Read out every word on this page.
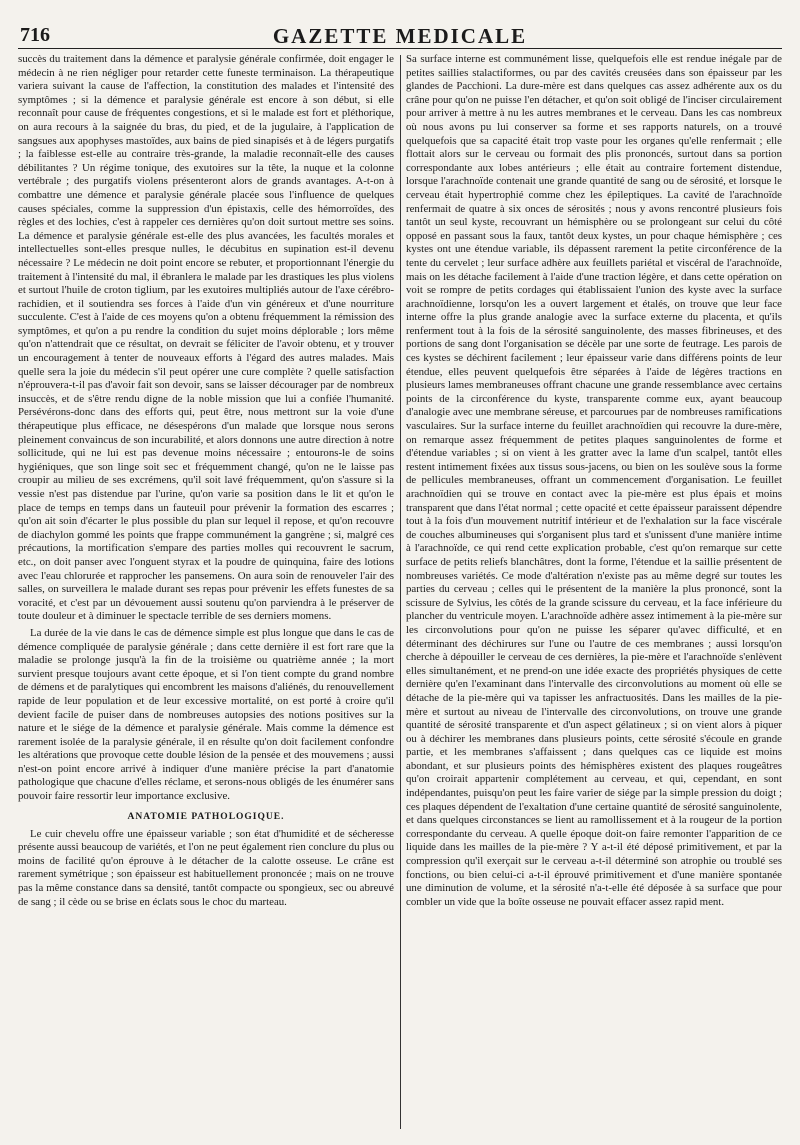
716	GAZETTE MEDICALE

succès du traitement dans la démence et paralysie générale confirmée, doit engager le médecin à ne rien négliger pour retarder cette funeste terminaison. La thérapeutique variera suivant la cause de l'affection, la constitution des malades et l'intensité des symptômes ; si la démence et paralysie générale est encore à son début, si elle reconnaît pour cause de fréquentes congestions, et si le malade est fort et pléthorique, on aura recours à la saignée du bras, du pied, et de la jugulaire, à l'application de sangsues aux apophyses mastoïdes, aux bains de pied sinapisés et à de légers purgatifs ; la faiblesse est-elle au contraire très-grande, la maladie reconnaît-elle des causes débilitantes ? Un régime tonique, des exutoires sur la tête, la nuque et la colonne vertébrale ; des purgatifs violens présenteront alors de grands avantages. A-t-on à combattre une démence et paralysie générale placée sous l'influence de quelques causes spéciales, comme la suppression d'un épistaxis, celle des hémorroïdes, des règles et des lochies, c'est à rappeler ces dernières qu'on doit surtout mettre ses soins. La démence et paralysie générale est-elle des plus avancées, les facultés morales et intellectuelles sont-elles presque nulles, le décubitus en supination est-il devenu nécessaire ? Le médecin ne doit point encore se rebuter, et proportionnant l'énergie du traitement à l'intensité du mal, il ébranlera le malade par les drastiques les plus violens et surtout l'huile de croton tiglium, par les exutoires multipliés autour de l'axe cérébro-rachidien, et il soutiendra ses forces à l'aide d'un vin généreux et d'une nourriture succulente. C'est à l'aide de ces moyens qu'on a obtenu fréquemment la rémission des symptômes, et qu'on a pu rendre la condition du sujet moins déplorable ; lors même qu'on n'attendrait que ce résultat, on devrait se féliciter de l'avoir obtenu, et y trouver un encouragement à tenter de nouveaux efforts à l'égard des autres malades. Mais quelle sera la joie du médecin s'il peut opérer une cure complète ? quelle satisfaction n'éprouvera-t-il pas d'avoir fait son devoir, sans se laisser décourager par de nombreux insuccès, et de s'être rendu digne de la noble mission que lui a confiée l'humanité. Persévérons-donc dans des efforts qui, peut être, nous mettront sur la voie d'une thérapeutique plus efficace, ne désespérons d'un malade que lorsque nous serons pleinement convaincus de son incurabilité, et alors donnons une autre direction à notre sollicitude, qui ne lui est pas devenue moins nécessaire ; entourons-le de soins hygiéniques, que son linge soit sec et fréquemment changé, qu'on ne le laisse pas croupir au milieu de ses excrémens, qu'il soit lavé fréquemment, qu'on s'assure si la vessie n'est pas distendue par l'urine, qu'on varie sa position dans le lit et qu'on le place de temps en temps dans un fauteuil pour prévenir la formation des escarres ; qu'on ait soin d'écarter le plus possible du plan sur lequel il repose, et qu'on recouvre de diachylon gommé les points que frappe communément la gangrène ; si, malgré ces précautions, la mortification s'empare des parties molles qui recouvrent le sacrum, etc., on doit panser avec l'onguent styrax et la poudre de quinquina, faire des lotions avec l'eau chlorurée et rapprocher les pansemens. On aura soin de renouveler l'air des salles, on surveillera le malade durant ses repas pour prévenir les effets funestes de sa voracité, et c'est par un dévouement aussi soutenu qu'on parviendra à le préserver de toute douleur et à diminuer le spectacle terrible de ses derniers momens.

La durée de la vie dans le cas de démence simple est plus longue que dans le cas de démence compliquée de paralysie générale ; dans cette dernière il est fort rare que la maladie se prolonge jusqu'à la fin de la troisième ou quatrième année ; la mort survient presque toujours avant cette époque, et si l'on tient compte du grand nombre de démens et de paralytiques qui encombrent les maisons d'aliénés, du renouvellement rapide de leur population et de leur excessive mortalité, on est porté à croire qu'il devient facile de puiser dans de nombreuses autopsies des notions positives sur la nature et le siége de la démence et paralysie générale. Mais comme la démence est rarement isolée de la paralysie générale, il en résulte qu'on doit facilement confondre les altérations que provoque cette double lésion de la pensée et des mouvemens ; aussi n'est-on point encore arrivé à indiquer d'une manière précise la part d'anatomie pathologique que chacune d'elles réclame, et serons-nous obligés de les énumérer sans pouvoir faire ressortir leur importance exclusive.

ANATOMIE PATHOLOGIQUE.

Le cuir chevelu offre une épaisseur variable ; son état d'humidité et de sécheresse présente aussi beaucoup de variétés, et l'on ne peut également rien conclure du plus ou moins de facilité qu'on éprouve à le détacher de la calotte osseuse. Le crâne est rarement symétrique ; son épaisseur est habituellement prononcée ; mais on ne trouve pas la même constance dans sa densité, tantôt compacte ou spongieux, sec ou abreuvé de sang ; il cède ou se brise en éclats sous le choc du marteau.

Sa surface interne est communément lisse, quelquefois elle est rendue inégale par de petites saillies stalactiformes, ou par des cavités creusées dans son épaisseur par les glandes de Pacchioni. La dure-mère est dans quelques cas assez adhérente aux os du crâne pour qu'on ne puisse l'en détacher, et qu'on soit obligé de l'inciser circulairement pour arriver à mettre à nu les autres membranes et le cerveau. Dans les cas nombreux où nous avons pu lui conserver sa forme et ses rapports naturels, on a trouvé quelquefois que sa capacité était trop vaste pour les organes qu'elle renfermait ; elle flottait alors sur le cerveau ou formait des plis prononcés, surtout dans sa portion correspondante aux lobes antérieurs ; elle était au contraire fortement distendue, lorsque l'arachnoïde contenait une grande quantité de sang ou de sérosité, et lorsque le cerveau était hypertrophié comme chez les épileptiques. La cavité de l'arachnoïde renfermait de quatre à six onces de sérosités ; nous y avons rencontré plusieurs fois tantôt un seul kyste, recouvrant un hémisphère ou se prolongeant sur celui du côté opposé en passant sous la faux, tantôt deux kystes, un pour chaque hémisphère ; ces kystes ont une étendue variable, ils dépassent rarement la petite circonférence de la tente du cervelet ; leur surface adhère aux feuillets pariétal et viscéral de l'arachnoïde, mais on les détache facilement à l'aide d'une traction légère, et dans cette opération on voit se rompre de petits cordages qui établissaient l'union des kyste avec la surface arachnoïdienne, lorsqu'on les a ouvert largement et étalés, on trouve que leur face interne offre la plus grande analogie avec la surface externe du placenta, et qu'ils renferment tout à la fois de la sérosité sanguinolente, des masses fibrineuses, et des portions de sang dont l'organisation se décèle par une sorte de feutrage. Les parois de ces kystes se déchirent facilement ; leur épaisseur varie dans différens points de leur étendue, elles peuvent quelquefois être séparées à l'aide de légères tractions en plusieurs lames membraneuses offrant chacune une grande ressemblance avec certains points de la circonférence du kyste, transparente comme eux, ayant beaucoup d'analogie avec une membrane séreuse, et parcourues par de nombreuses ramifications vasculaires. Sur la surface interne du feuillet arachnoïdien qui recouvre la dure-mère, on remarque assez fréquemment de petites plaques sanguinolentes de forme et d'étendue variables ; si on vient à les gratter avec la lame d'un scalpel, tantôt elles restent intimement fixées aux tissus sous-jacens, ou bien on les soulève sous la forme de pellicules membraneuses, offrant un commencement d'organisation. Le feuillet arachnoïdien qui se trouve en contact avec la pie-mère est plus épais et moins transparent que dans l'état normal ; cette opacité et cette épaisseur paraissent dépendre tout à la fois d'un mouvement nutritif intérieur et de l'exhalation sur la face viscérale de couches albumineuses qui s'organisent plus tard et s'unissent d'une manière intime à l'arachnoïde, ce qui rend cette explication probable, c'est qu'on remarque sur cette surface de petits reliefs blanchâtres, dont la forme, l'étendue et la saillie présentent de nombreuses variétés. Ce mode d'altération n'existe pas au même degré sur toutes les parties du cerveau ; celles qui le présentent de la manière la plus prononcé, sont la scissure de Sylvius, les côtés de la grande scissure du cerveau, et la face inférieure du plancher du ventricule moyen. L'arachnoïde adhère assez intimement à la pie-mère sur les circonvolutions pour qu'on ne puisse les séparer qu'avec difficulté, et en déterminant des déchirures sur l'une ou l'autre de ces membranes ; aussi lorsqu'on cherche à dépouiller le cerveau de ces dernières, la pie-mère et l'arachnoïde s'enlèvent elles simultanément, et ne prend-on une idée exacte des propriétés physiques de cette dernière qu'en l'examinant dans l'intervalle des circonvolutions au moment où elle se détache de la pie-mère qui va tapisser les anfractuosités. Dans les mailles de la pie-mère et surtout au niveau de l'intervalle des circonvolutions, on trouve une grande quantité de sérosité transparente et d'un aspect gélatineux ; si on vient alors à piquer ou à déchirer les membranes dans plusieurs points, cette sérosité s'écoule en grande partie, et les membranes s'affaissent ; dans quelques cas ce liquide est moins abondant, et sur plusieurs points des hémisphères existent des plaques rougeâtres qu'on croirait appartenir complétement au cerveau, et qui, cependant, en sont indépendantes, puisqu'on peut les faire varier de siége par la simple pression du doigt ; ces plaques dépendent de l'exaltation d'une certaine quantité de sérosité sanguinolente, et dans quelques circonstances se lient au ramollissement et à la rougeur de la portion correspondante du cerveau. A quelle époque doit-on faire remonter l'apparition de ce liquide dans les mailles de la pie-mère ? Y a-t-il été déposé primitivement, et par la compression qu'il exerçait sur le cerveau a-t-il déterminé son atrophie ou troublé ses fonctions, ou bien celui-ci a-t-il éprouvé primitivement et d'une manière spontanée une diminution de volume, et la sérosité n'a-t-elle été déposée à sa surface que pour combler un vide que la boîte osseuse ne pouvait effacer assez rapid ment.
